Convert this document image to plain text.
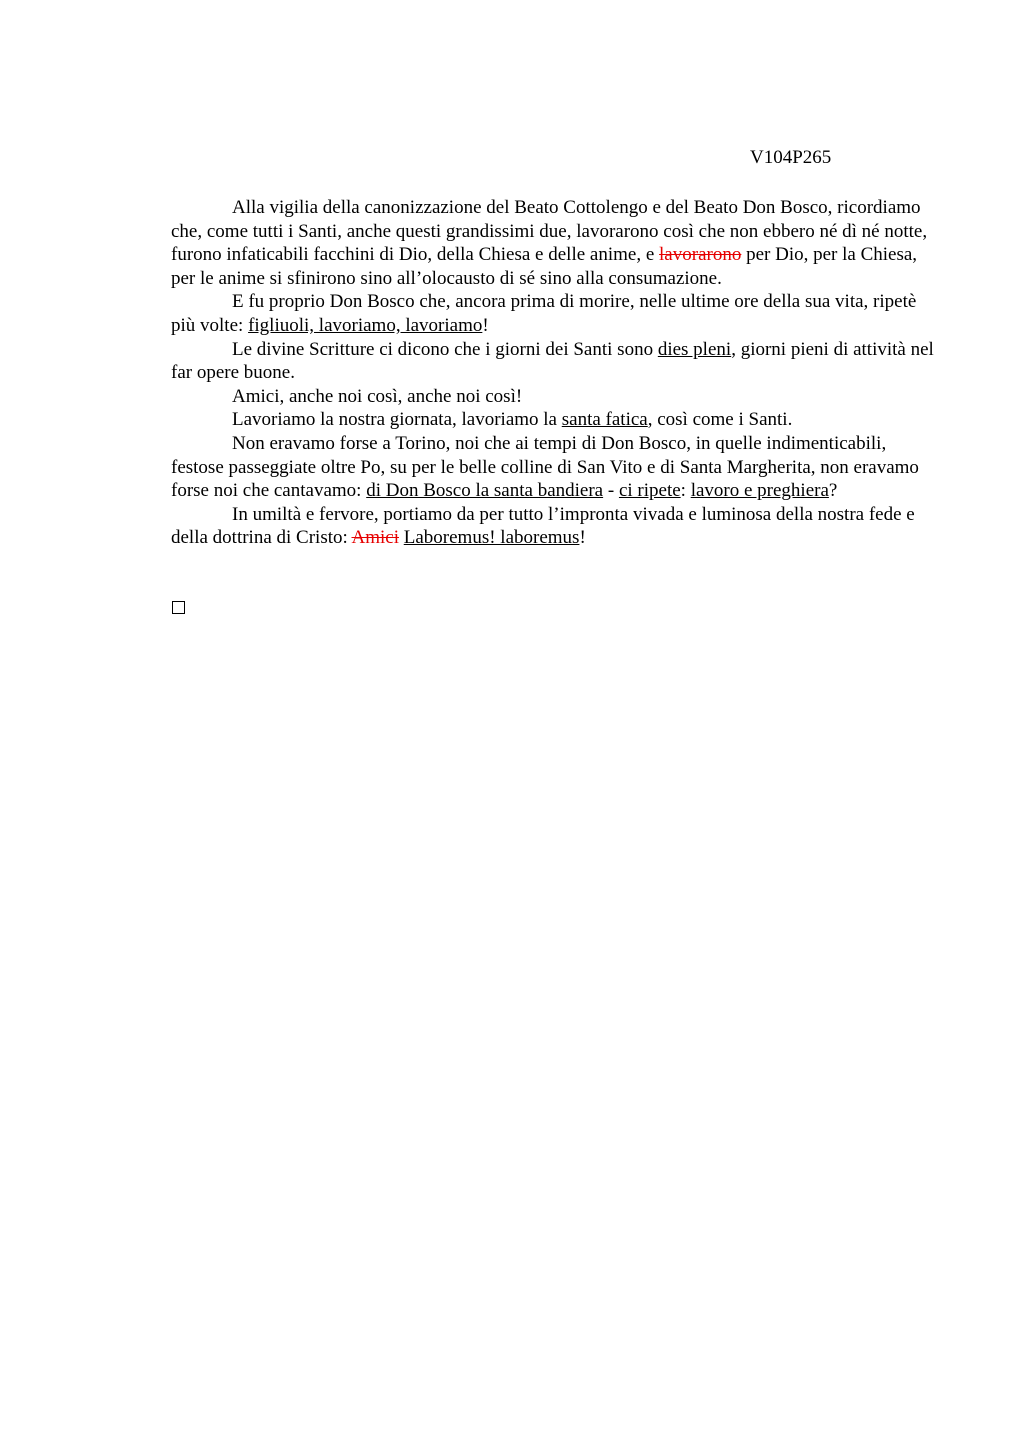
V104P265

Alla vigilia della canonizzazione del Beato Cottolengo e del Beato Don Bosco, ricordiamo che, come tutti i Santi, anche questi grandissimi due, lavorarono così che non ebbero né dì né notte, furono infaticabili facchini di Dio, della Chiesa e delle anime, e lavorarono per Dio, per la Chiesa, per le anime si sfinirono sino all’olocausto di sé sino alla consumazione.

E fu proprio Don Bosco che, ancora prima di morire, nelle ultime ore della sua vita, ripetè più volte: figliuoli, lavoriamo, lavoriamo!

Le divine Scritture ci dicono che i giorni dei Santi sono dies pleni, giorni pieni di attività nel far opere buone.

Amici, anche noi così, anche noi così!

Lavoriamo la nostra giornata, lavoriamo la santa fatica, così come i Santi.

Non eravamo forse a Torino, noi che ai tempi di Don Bosco, in quelle indimenticabili, festose passeggiate oltre Po, su per le belle colline di San Vito e di Santa Margherita, non eravamo forse noi che cantavamo: di Don Bosco la santa bandiera - ci ripete: lavoro e preghiera?

In umiltà e fervore, portiamo da per tutto l’impronta vivada e luminosa della nostra fede e della dottrina di Cristo: Amici Laboremus! laboremus!
